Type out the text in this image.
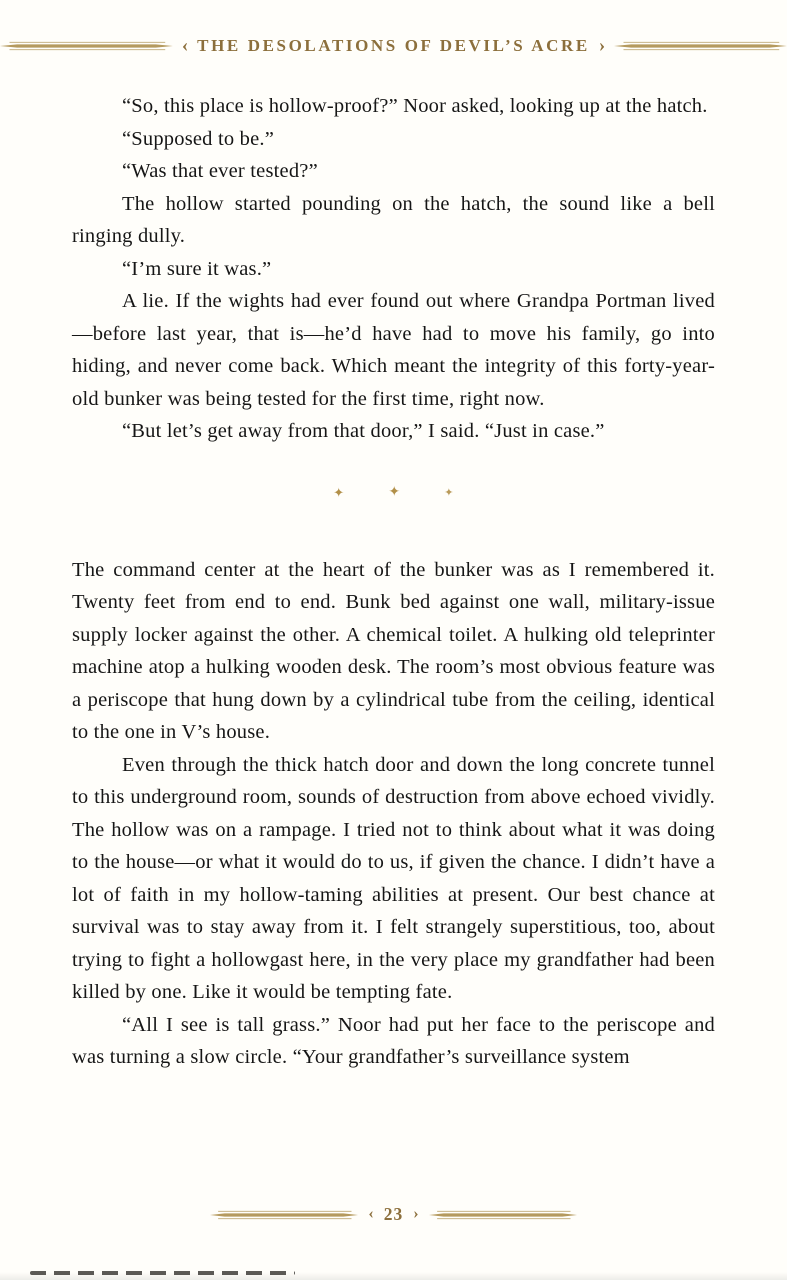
‹ THE DESOLATIONS OF DEVIL’S ACRE ›

“So, this place is hollow-proof?” Noor asked, looking up at the hatch.

“Supposed to be.”

“Was that ever tested?”

The hollow started pounding on the hatch, the sound like a bell ringing dully.

“I’m sure it was.”

A lie. If the wights had ever found out where Grandpa Portman lived—before last year, that is—he’d have had to move his family, go into hiding, and never come back. Which meant the integrity of this forty-year-old bunker was being tested for the first time, right now.

“But let’s get away from that door,” I said. “Just in case.”

✦	✦	✦

The command center at the heart of the bunker was as I remembered it. Twenty feet from end to end. Bunk bed against one wall, military-issue supply locker against the other. A chemical toilet. A hulking old teleprinter machine atop a hulking wooden desk. The room’s most obvious feature was a periscope that hung down by a cylindrical tube from the ceiling, identical to the one in V’s house.

Even through the thick hatch door and down the long concrete tunnel to this underground room, sounds of destruction from above echoed vividly. The hollow was on a rampage. I tried not to think about what it was doing to the house—or what it would do to us, if given the chance. I didn’t have a lot of faith in my hollow-taming abilities at present. Our best chance at survival was to stay away from it. I felt strangely superstitious, too, about trying to fight a hollowgast here, in the very place my grandfather had been killed by one. Like it would be tempting fate.

“All I see is tall grass.” Noor had put her face to the periscope and was turning a slow circle. “Your grandfather’s surveillance system

‹ 23 ›
